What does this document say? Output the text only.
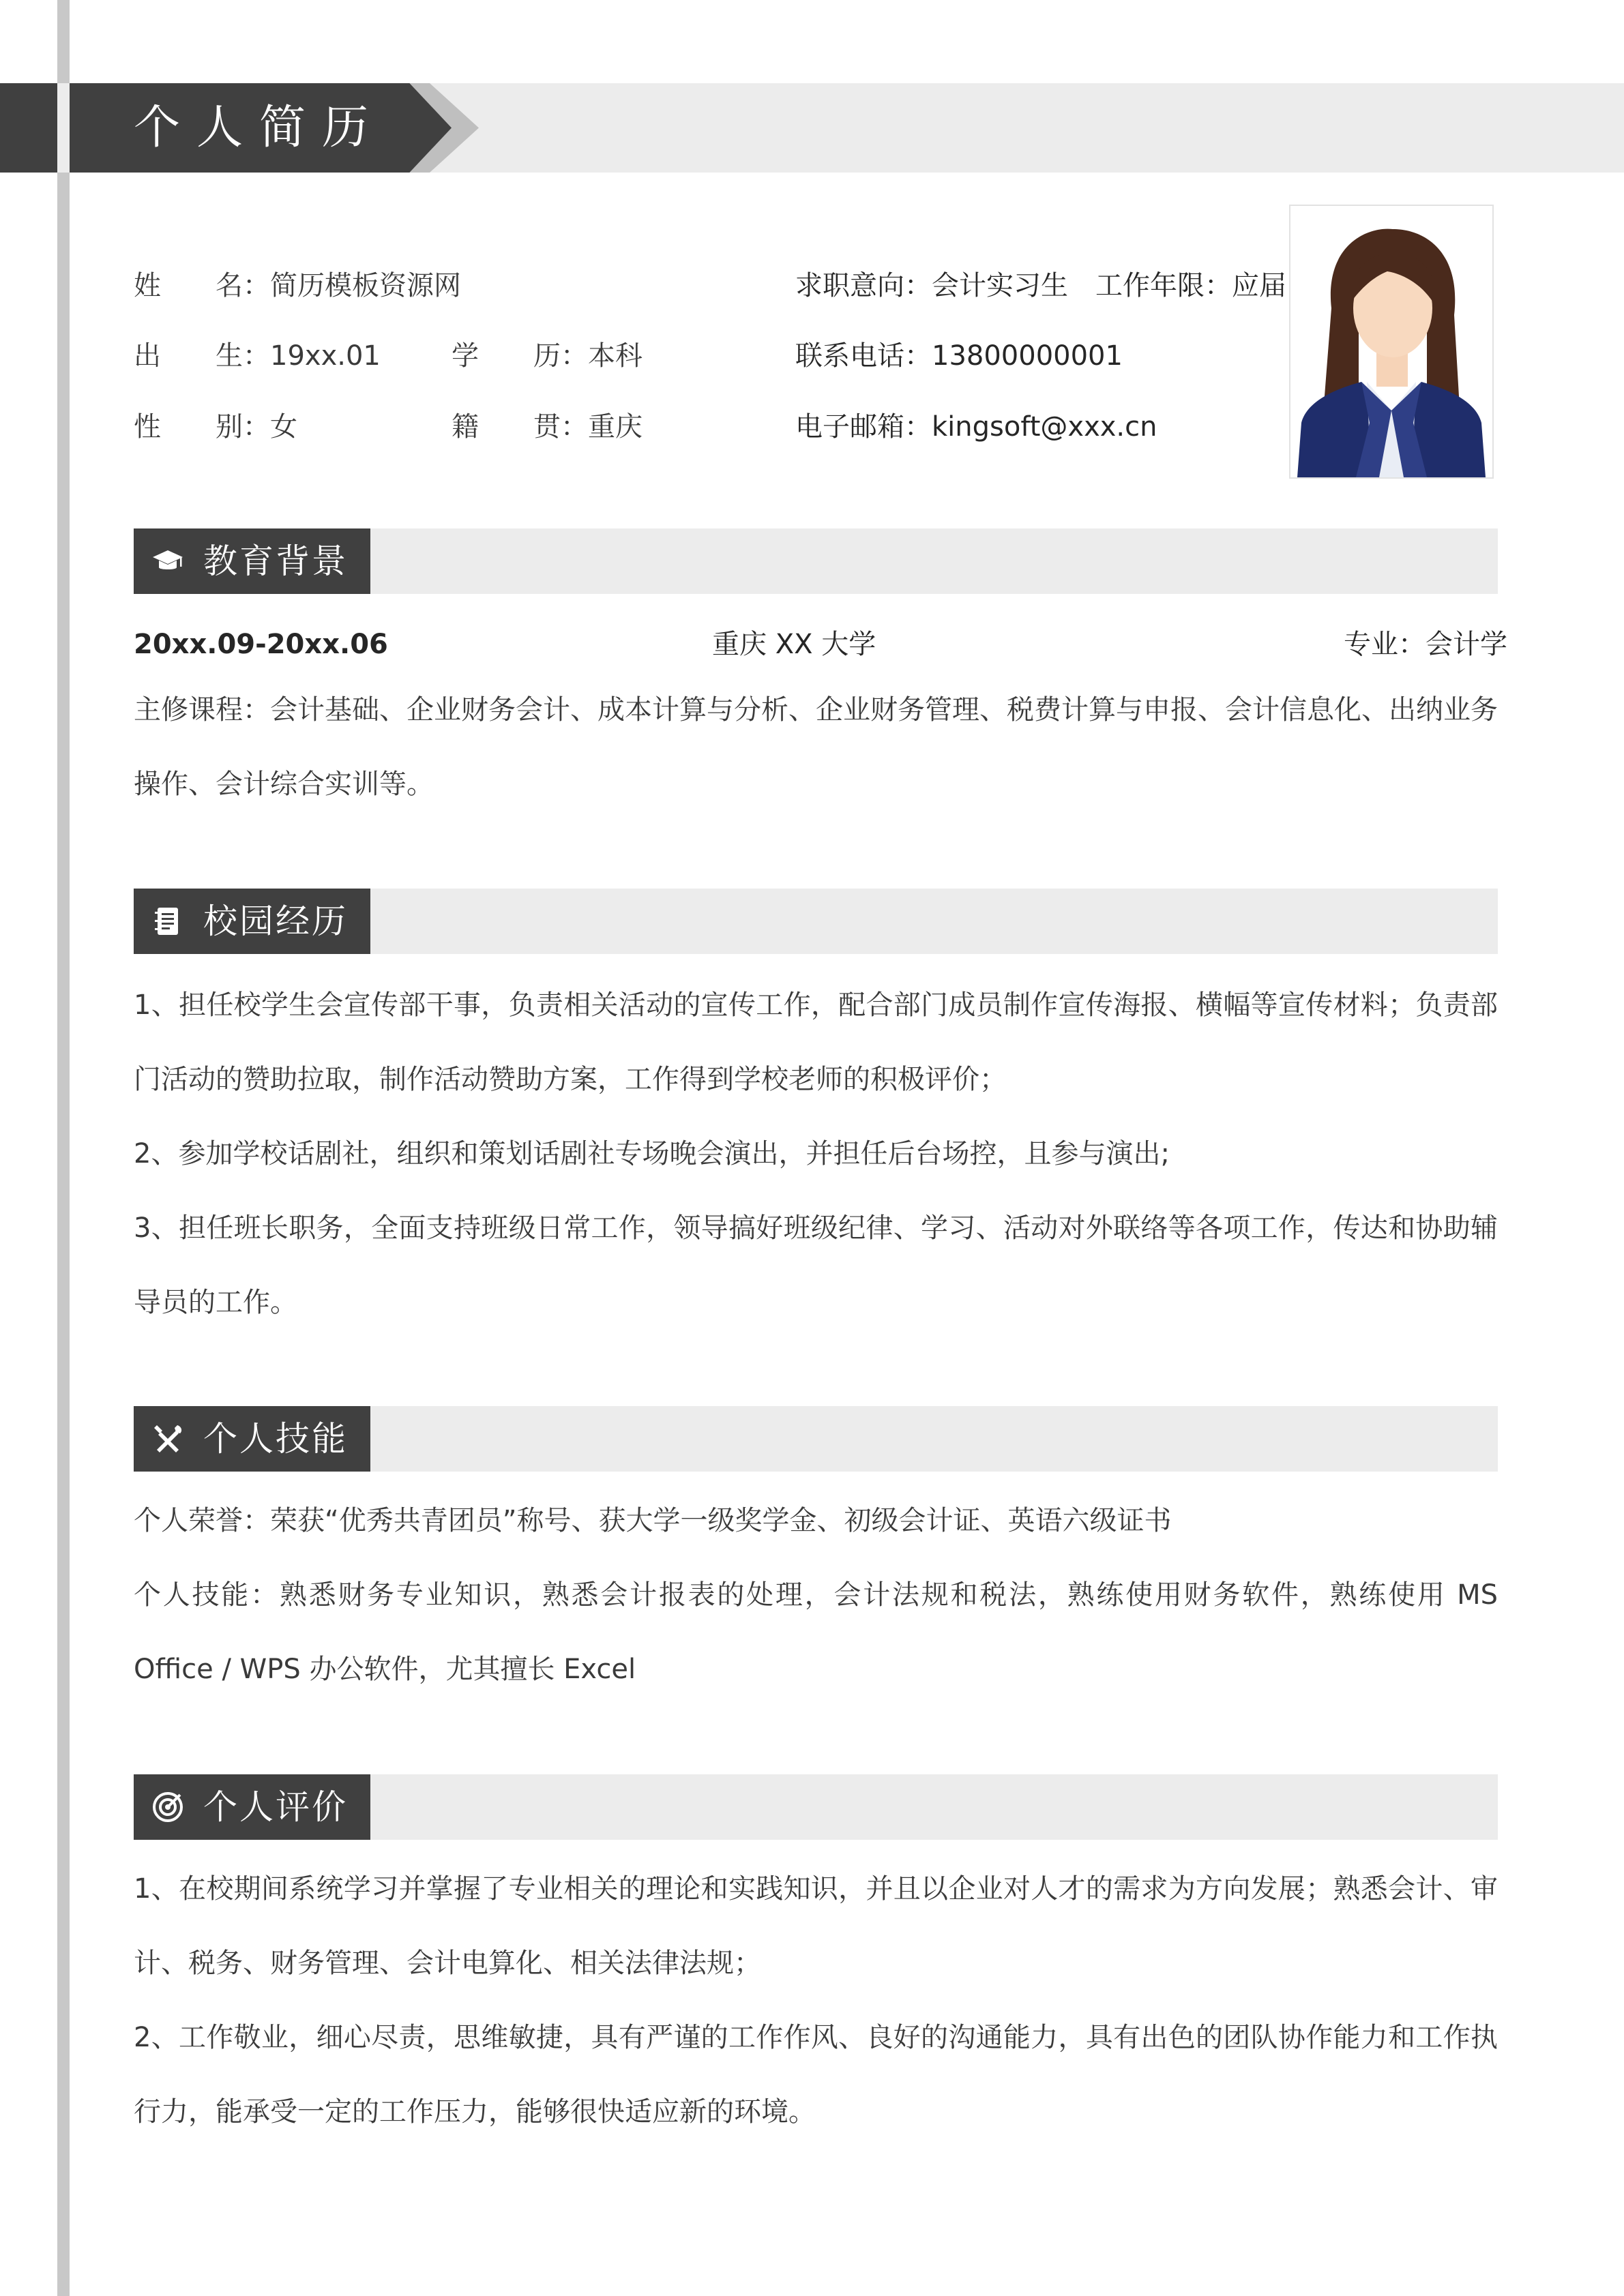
个人简历
姓　　名：简历模板资源网
出　　生：19xx.01
性　　别：女
学　　历：本科
籍　　贯：重庆
求职意向：会计实习生 工作年限：应届
联系电话：13800000001
电子邮箱：kingsoft@xxx.cn
教育背景
20xx.09-20xx.06	重庆 XX 大学	专业：会计学

主修课程：会计基础、企业财务会计、成本计算与分析、企业财务管理、税费计算与申报、会计信息化、出纳业务操作、会计综合实训等。

校园经历

1、担任校学生会宣传部干事，负责相关活动的宣传工作，配合部门成员制作宣传海报、横幅等宣传材料；负责部门活动的赞助拉取，制作活动赞助方案，工作得到学校老师的积极评价；

2、参加学校话剧社，组织和策划话剧社专场晚会演出，并担任后台场控，且参与演出;

3、担任班长职务，全面支持班级日常工作，领导搞好班级纪律、学习、活动对外联络等各项工作，传达和协助辅导员的工作。

个人技能

个人荣誉：荣获“优秀共青团员”称号、获大学一级奖学金、初级会计证、英语六级证书

个人技能：熟悉财务专业知识，熟悉会计报表的处理，会计法规和税法，熟练使用财务软件，熟练使用 MS Office / WPS 办公软件，尤其擅长 Excel

个人评价

1、在校期间系统学习并掌握了专业相关的理论和实践知识，并且以企业对人才的需求为方向发展；熟悉会计、审计、税务、财务管理、会计电算化、相关法律法规；

2、工作敬业，细心尽责，思维敏捷，具有严谨的工作作风、良好的沟通能力，具有出色的团队协作能力和工作执行力，能承受一定的工作压力，能够很快适应新的环境。
